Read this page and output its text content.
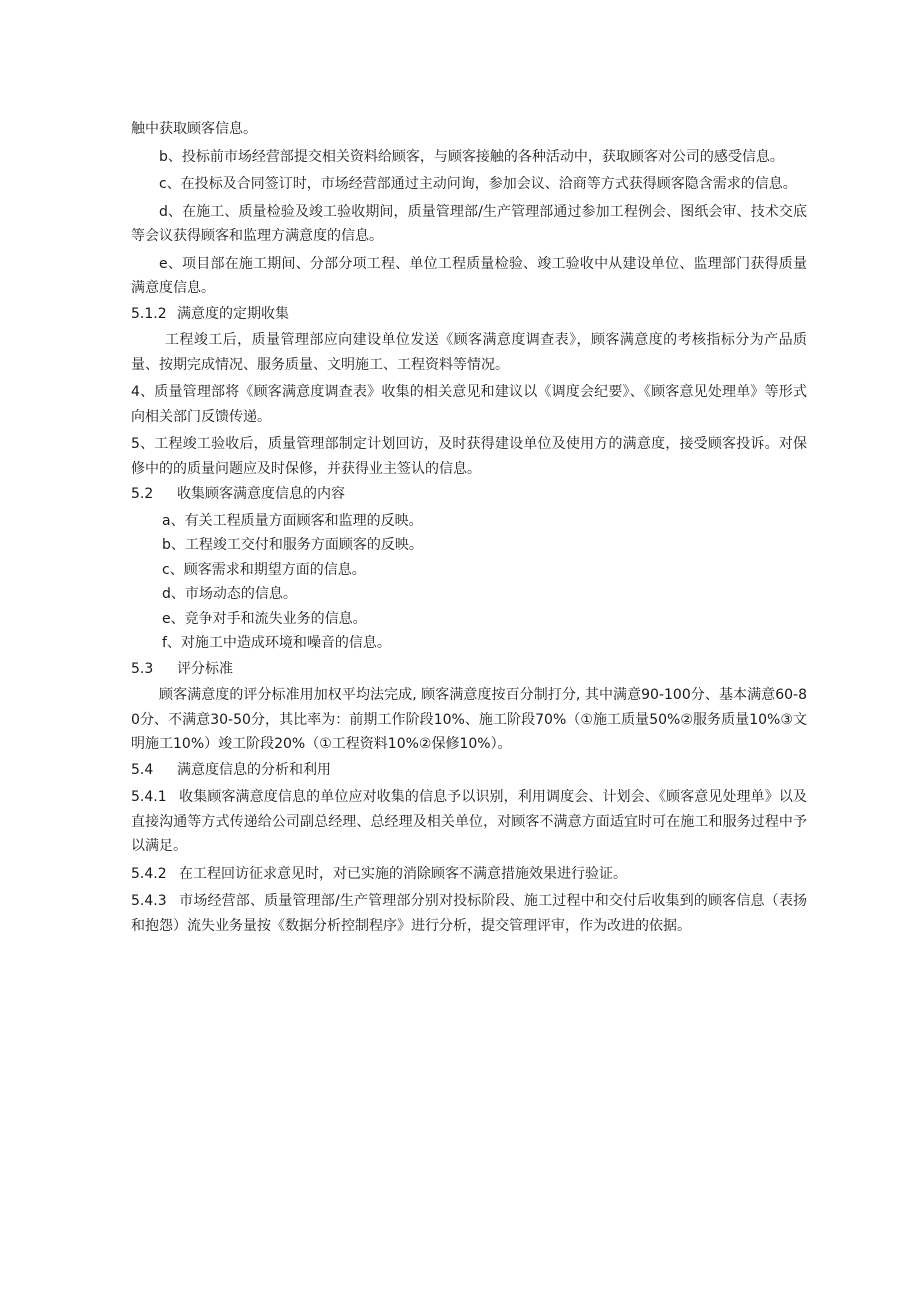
触中获取顾客信息。

b、投标前市场经营部提交相关资料给顾客，与顾客接触的各种活动中，获取顾客对公司的感受信息。

c、在投标及合同签订时，市场经营部通过主动问询，参加会议、洽商等方式获得顾客隐含需求的信息。

d、在施工、质量检验及竣工验收期间，质量管理部/生产管理部通过参加工程例会、图纸会审、技术交底等会议获得顾客和监理方满意度的信息。

e、项目部在施工期间、分部分项工程、单位工程质量检验、竣工验收中从建设单位、监理部门获得质量满意度信息。

5.1.2 满意度的定期收集

工程竣工后，质量管理部应向建设单位发送《顾客满意度调查表》，顾客满意度的考核指标分为产品质量、按期完成情况、服务质量、文明施工、工程资料等情况。

4、质量管理部将《顾客满意度调查表》收集的相关意见和建议以《调度会纪要》、《顾客意见处理单》等形式向相关部门反馈传递。

5、工程竣工验收后，质量管理部制定计划回访，及时获得建设单位及使用方的满意度，接受顾客投诉。对保修中的的质量问题应及时保修，并获得业主签认的信息。

5.2	收集顾客满意度信息的内容

a、有关工程质量方面顾客和监理的反映。

b、工程竣工交付和服务方面顾客的反映。

c、顾客需求和期望方面的信息。

d、市场动态的信息。

e、竞争对手和流失业务的信息。

f、对施工中造成环境和噪音的信息。

5.3	评分标准

顾客满意度的评分标准用加权平均法完成, 顾客满意度按百分制打分, 其中满意90-100分、基本满意60-80分、不满意30-50分，其比率为：前期工作阶段10%、施工阶段70%（①施工质量50%②服务质量10%③文明施工10%）竣工阶段20%（①工程资料10%②保修10%）。

5.4	满意度信息的分析和利用

5.4.1 收集顾客满意度信息的单位应对收集的信息予以识别，利用调度会、计划会、《顾客意见处理单》以及直接沟通等方式传递给公司副总经理、总经理及相关单位，对顾客不满意方面适宜时可在施工和服务过程中予以满足。

5.4.2 在工程回访征求意见时，对已实施的消除顾客不满意措施效果进行验证。

5.4.3 市场经营部、质量管理部/生产管理部分别对投标阶段、施工过程中和交付后收集到的顾客信息（表扬和抱怨）流失业务量按《数据分析控制程序》进行分析，提交管理评审，作为改进的依据。
